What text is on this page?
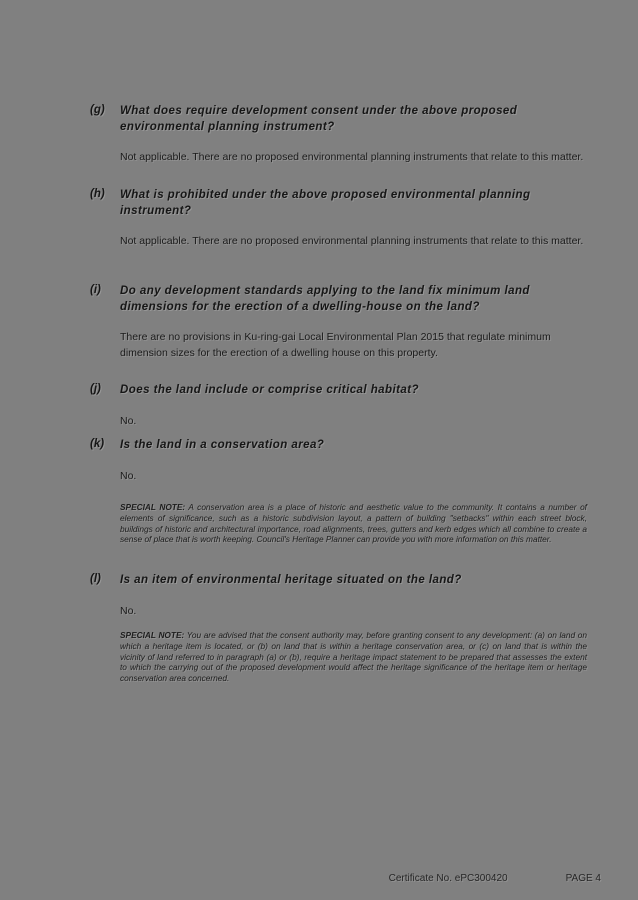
(g)	What does require development consent under the above proposed environmental planning instrument?
Not applicable. There are no proposed environmental planning instruments that relate to this matter.
(h)	What is prohibited under the above proposed environmental planning instrument?
Not applicable. There are no proposed environmental planning instruments that relate to this matter.
(i)	Do any development standards applying to the land fix minimum land dimensions for the erection of a dwelling-house on the land?
There are no provisions in Ku-ring-gai Local Environmental Plan 2015 that regulate minimum dimension sizes for the erection of a dwelling house on this property.
(j)	Does the land include or comprise critical habitat?
No.
(k)	Is the land in a conservation area?
No.
SPECIAL NOTE: A conservation area is a place of historic and aesthetic value to the community. It contains a number of elements of significance, such as a historic subdivision layout, a pattern of building "setbacks" within each street block, buildings of historic and architectural importance, road alignments, trees, gutters and kerb edges which all combine to create a sense of place that is worth keeping. Council's Heritage Planner can provide you with more information on this matter.
(l)	Is an item of environmental heritage situated on the land?
No.
SPECIAL NOTE: You are advised that the consent authority may, before granting consent to any development: (a) on land on which a heritage item is located, or (b) on land that is within a heritage conservation area, or (c) on land that is within the vicinity of land referred to in paragraph (a) or (b), require a heritage impact statement to be prepared that assesses the extent to which the carrying out of the proposed development would affect the heritage significance of the heritage item or heritage conservation area concerned.
Certificate No. ePC300420	PAGE 4
